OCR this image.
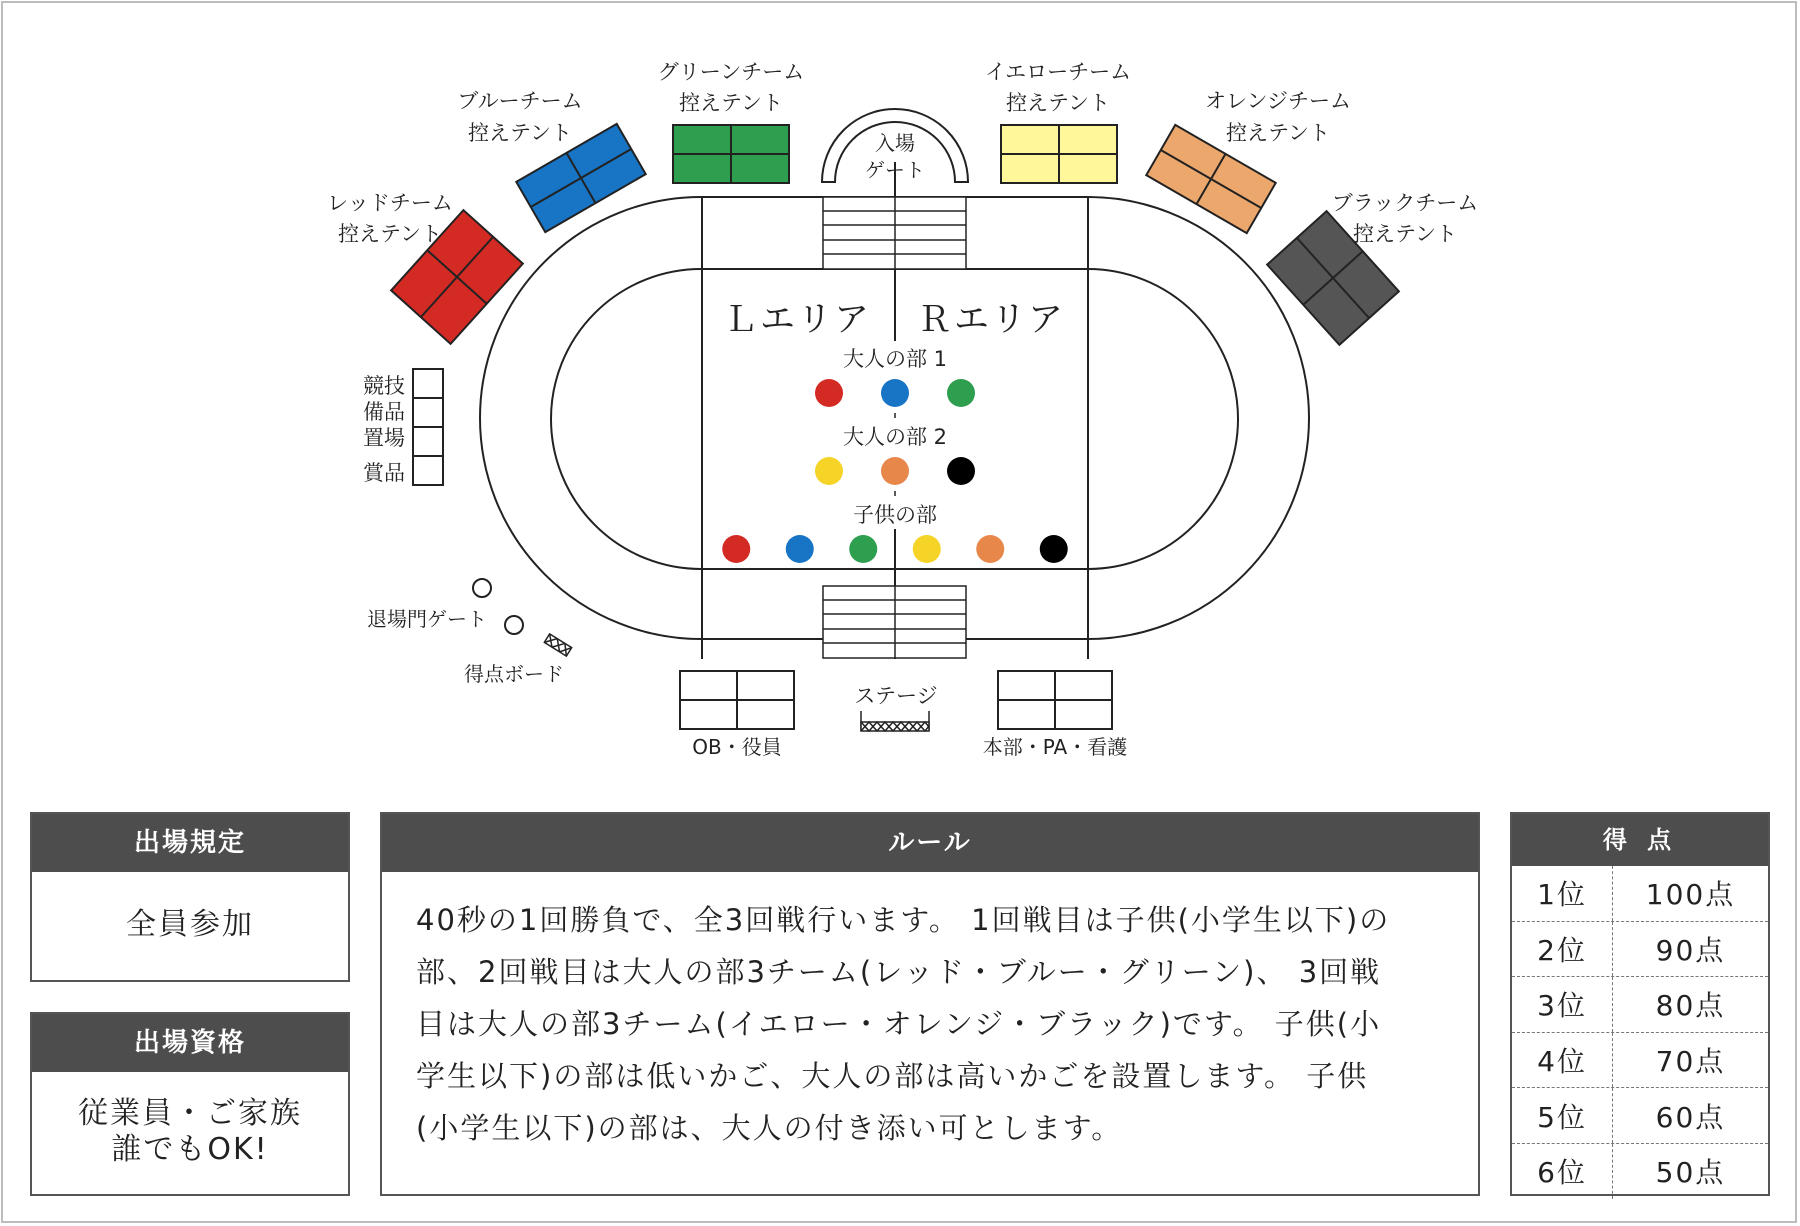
入場
ゲート
レッドチーム
控えテント
ブルーチーム
控えテント
グリーンチーム
控えテント
イエローチーム
控えテント	オレンジチーム
控えテント
ブラックチーム
控えテント
Ｌエリア Ｒエリア
大人の部 1
大人の部 2
子供の部
競技
備品
置場
賞品
退場門ゲート
得点ボード
OB・役員
ステージ
本部・PA・看護
出場規定
全員参加
出場資格
従業員・ご家族
誰でもOK!
ルール
40秒の1回勝負で、全3回戦行います。 1回戦目は子供(小学生以下)の
部、2回戦目は大人の部3チーム(レッド・ブルー・グリーン)、 3回戦
目は大人の部3チーム(イエロー・オレンジ・ブラック)です。 子供(小
学生以下)の部は低いかご、大人の部は高いかごを設置します。 子供
(小学生以下)の部は、大人の付き添い可とします。
得 点
1位	100点
2位	90点
3位	80点
4位	70点
5位	60点
6位	50点
